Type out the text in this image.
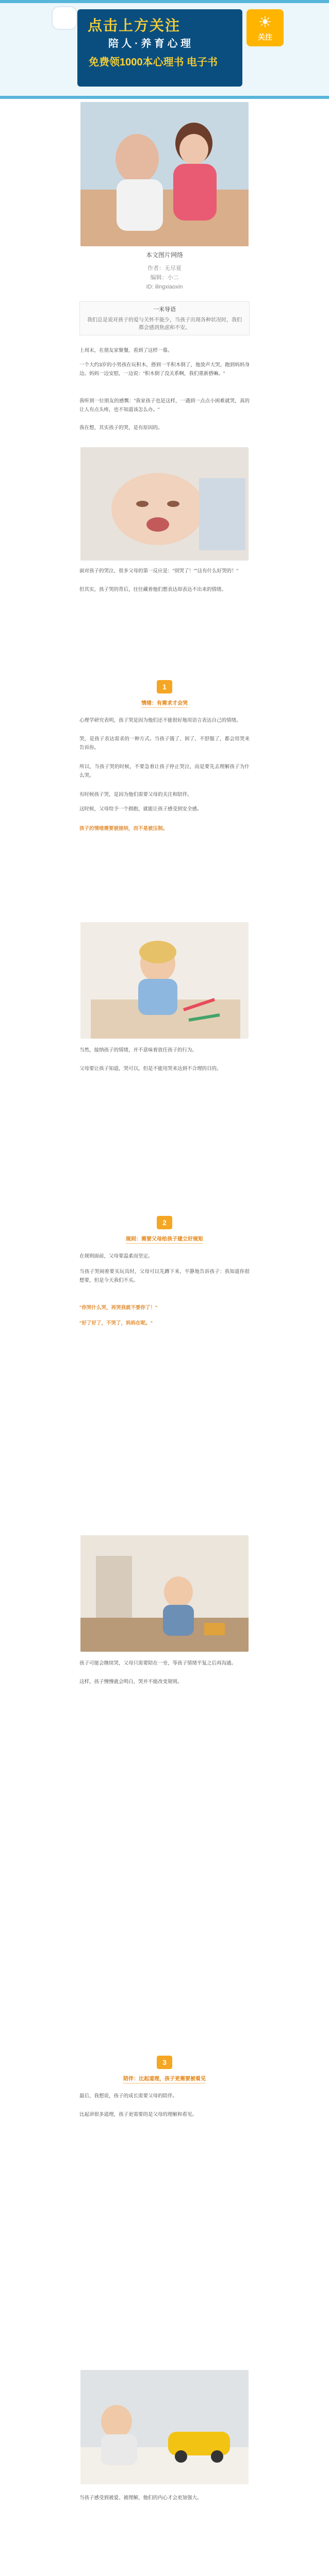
点击上方关注
陪 人 · 养 育 心 理
免费领1000本心理书 电子书
关注
☀
本文图片网络
作者：无尽夏
编辑：小二
ID: ilingxiaoxin
一米导语
我们总是说对孩子的爱与关怀不能少，当孩子出现各种状况时，我们都会感到焦虑和不安。
上周末，在朋友家聚餐，看到了这样一幕。
一个大约3岁的小男孩在玩积木，搭到一半积木倒了，他放声大哭，跑到妈妈身边。妈妈一边安慰，一边说："积木倒了没关系啊，我们重新搭嘛。"
我听到一位朋友的感慨："我家孩子也是这样，一遇到一点点小困难就哭，真的让人有点头疼，也不知道该怎么办。"
我在想，其实孩子的哭，是有原因的。
面对孩子的哭泣，很多父母的第一反应是："别哭了！""这有什么好哭的！"
但其实，孩子哭的背后，往往藏着他们想表达却表达不出来的情绪。
1
情绪：有需求才会哭
心理学研究表明，孩子哭是因为他们还不能很好地用语言表达自己的情绪。
哭，是孩子表达需求的一种方式。当孩子饿了、困了、不舒服了，都会用哭来告诉你。
所以，当孩子哭的时候，不要急着让孩子停止哭泣，而是要先去理解孩子为什么哭。
有时候孩子哭，是因为他们需要父母的关注和陪伴。
这时候，父母给予一个拥抱，就能让孩子感受到安全感。
孩子的情绪需要被接纳，而不是被压制。
当然，接纳孩子的情绪，并不意味着放任孩子的行为。
父母要让孩子知道，哭可以，但是不能用哭来达到不合理的目的。
2
规则：需要父母给孩子建立好规矩
在规则面前，父母要温柔而坚定。
当孩子哭闹着要买玩具时，父母可以先蹲下来，平静地告诉孩子：我知道你很想要，但是今天我们不买。
"你哭什么哭，再哭我就不要你了！"
"好了好了，不哭了，妈妈在呢。"
孩子可能会继续哭，父母只需要陪在一旁，等孩子情绪平复之后再沟通。
这样，孩子慢慢就会明白，哭并不能改变规则。
3
陪伴：比起道理，孩子更需要被看见
最后，我想说，孩子的成长需要父母的陪伴。
比起讲很多道理，孩子更需要的是父母的理解和看见。
当孩子感受到被爱、被理解，他们的内心才会更加强大。
